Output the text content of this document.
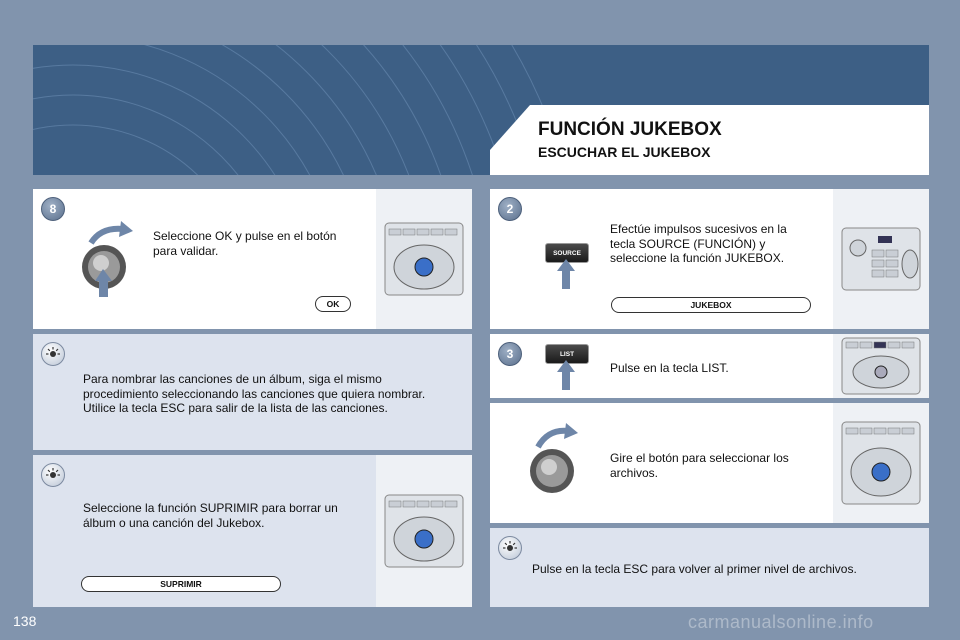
FUNCIÓN JUKEBOX
ESCUCHAR EL JUKEBOX
8
Seleccione OK y pulse en el botón para validar.
OK
Para nombrar las canciones de un álbum, siga el mismo procedimiento seleccionando las canciones que quiera nombrar. Utilice la tecla ESC para salir de la lista de las canciones.
Seleccione la función SUPRIMIR para borrar un álbum o una canción del Jukebox.
SUPRIMIR
2
SOURCE
Efectúe impulsos sucesivos en la tecla SOURCE (FUNCIÓN) y seleccione la función JUKEBOX.
JUKEBOX
3	LIST
Pulse en la tecla LIST.
Gire el botón para seleccionar los archivos.
Pulse en la tecla ESC para volver al primer nivel de archivos.
138	carmanualsonline.info
